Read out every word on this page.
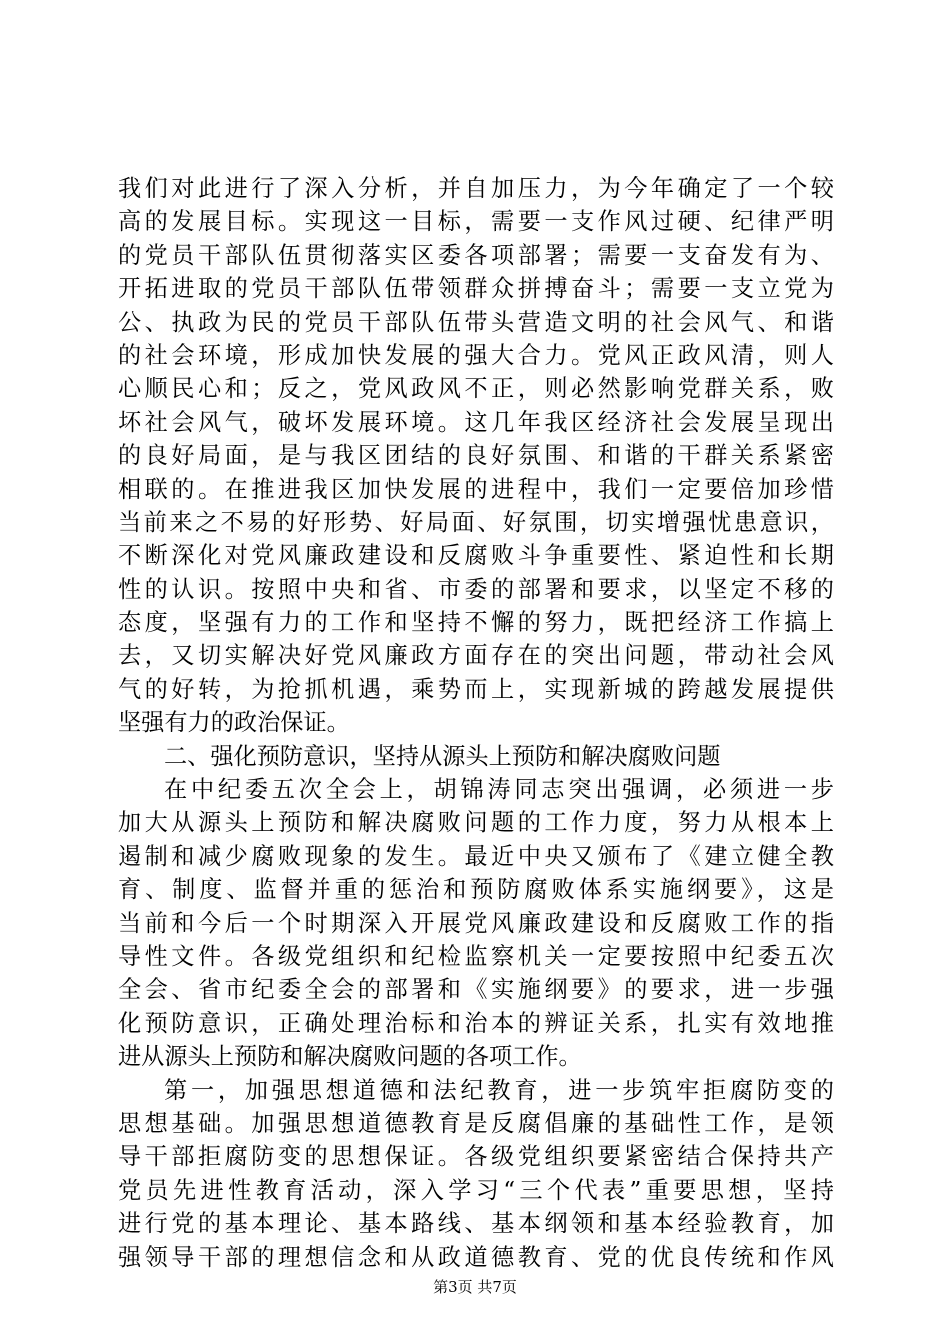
我们对此进行了深入分析，并自加压力，为今年确定了一个较
高的发展目标。实现这一目标，需要一支作风过硬、纪律严明
的党员干部队伍贯彻落实区委各项部署；需要一支奋发有为、
开拓进取的党员干部队伍带领群众拼搏奋斗；需要一支立党为
公、执政为民的党员干部队伍带头营造文明的社会风气、和谐
的社会环境，形成加快发展的强大合力。党风正政风清，则人
心顺民心和；反之，党风政风不正，则必然影响党群关系，败
坏社会风气，破坏发展环境。这几年我区经济社会发展呈现出
的良好局面，是与我区团结的良好氛围、和谐的干群关系紧密
相联的。在推进我区加快发展的进程中，我们一定要倍加珍惜
当前来之不易的好形势、好局面、好氛围，切实增强忧患意识，
不断深化对党风廉政建设和反腐败斗争重要性、紧迫性和长期
性的认识。按照中央和省、市委的部署和要求，以坚定不移的
态度，坚强有力的工作和坚持不懈的努力，既把经济工作搞上
去，又切实解决好党风廉政方面存在的突出问题，带动社会风
气的好转，为抢抓机遇，乘势而上，实现新城的跨越发展提供
坚强有力的政治保证。
二、强化预防意识，坚持从源头上预防和解决腐败问题
在中纪委五次全会上，胡锦涛同志突出强调，必须进一步
加大从源头上预防和解决腐败问题的工作力度，努力从根本上
遏制和减少腐败现象的发生。最近中央又颁布了《建立健全教
育、制度、监督并重的惩治和预防腐败体系实施纲要》，这是
当前和今后一个时期深入开展党风廉政建设和反腐败工作的指
导性文件。各级党组织和纪检监察机关一定要按照中纪委五次
全会、省市纪委全会的部署和《实施纲要》的要求，进一步强
化预防意识，正确处理治标和治本的辨证关系，扎实有效地推
进从源头上预防和解决腐败问题的各项工作。
第一，加强思想道德和法纪教育，进一步筑牢拒腐防变的
思想基础。加强思想道德教育是反腐倡廉的基础性工作，是领
导干部拒腐防变的思想保证。各级党组织要紧密结合保持共产
党员先进性教育活动，深入学习“三个代表”重要思想，坚持
进行党的基本理论、基本路线、基本纲领和基本经验教育，加
强领导干部的理想信念和从政道德教育、党的优良传统和作风
第3页 共7页
